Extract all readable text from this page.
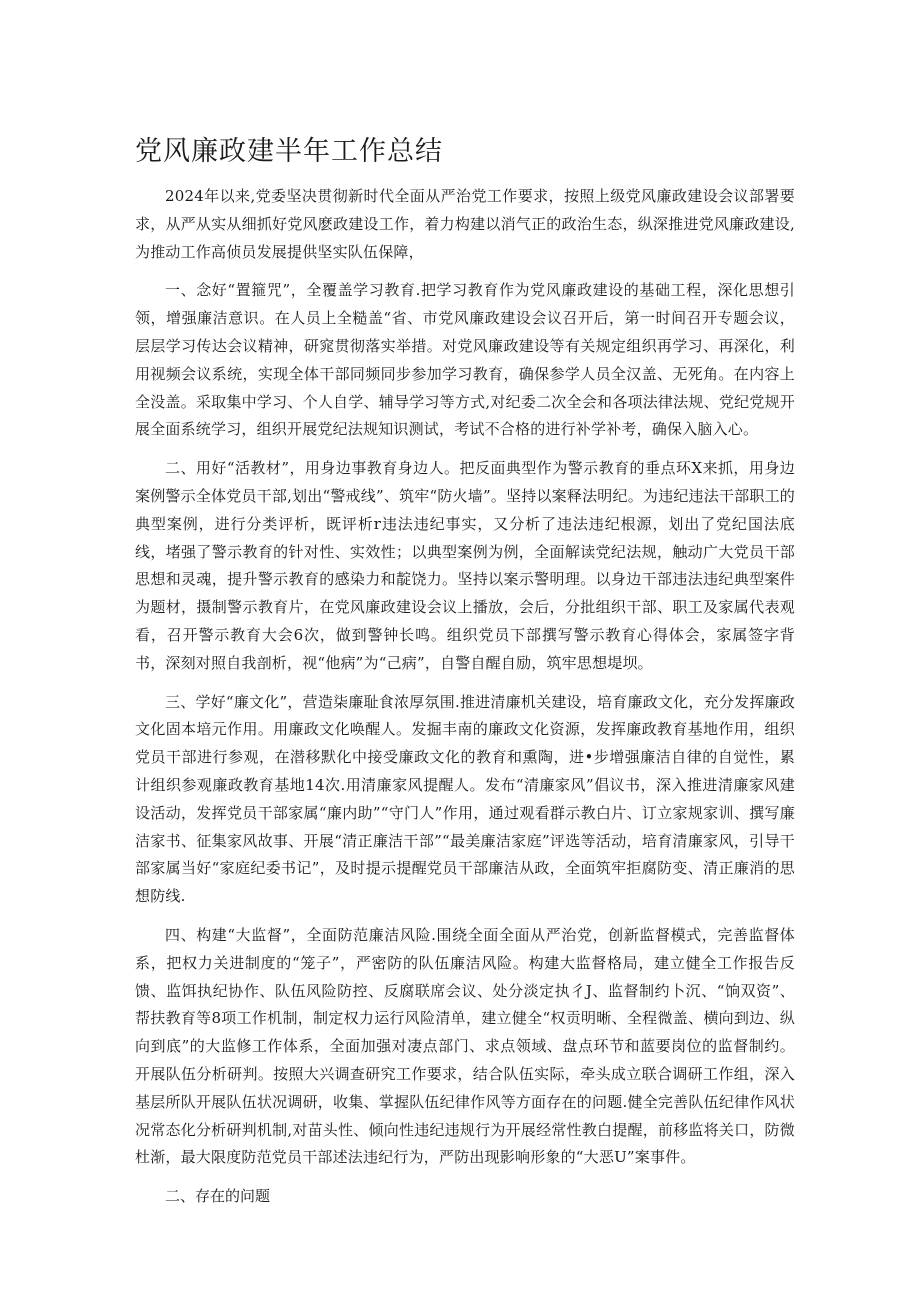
党风廉政建半年工作总结

2024年以来,党委坚决贯彻新时代全面从严治党工作要求，按照上级党风廉政建设会议部署要求，从严从实从细抓好党风麽政建设工作，着力构建以消气正的政治生态，纵深推进党风廉政建设,为推动工作高侦员发展提供坚实队伍保障，

一、念好“置箍咒”，全覆盖学习教育.把学习教育作为党风廉政建设的基础工程，深化思想引领，增强廉洁意识。在人员上全糙盖“省、市党风廉政建设会议召开后，第一时间召开专题会议，层层学习传达会议精神，研窕贯彻落实举措。对党风廉政建设等有关规定组织再学习、再深化，利用视频会议系统，实现全体干部同频同步参加学习教育，确保参学人员全汉盖、无死角。在内容上全没盖。采取集中学习、个人自学、辅导学习等方式,对纪委二次全会和各项法律法规、党纪党规开展全面系统学习，组织开展党纪法规知识测试，考试不合格的进行补学补考，确保入脑入心。

二、用好“活教材”，用身边事教育身边人。把反面典型作为警示教育的垂点环X来抓，用身边案例警示全体党员干部,划出“警戒线”、筑牢“防火墙”。坚持以案释法明纪。为违纪违法干部职工的典型案例，进行分类评析，既评析r违法违纪事实，又分析了违法违纪根源，划出了党纪国法底线，堵强了警示教育的针对性、实效性；以典型案例为例，全面解读党纪法规，触动广大党员干部思想和灵魂，提升警示教育的感染力和靛饶力。坚持以案示警明理。以身边干部违法违纪典型案件为题材，摄制警示教育片，在党风廉政建设会议上播放，会后，分批组织干部、职工及家属代表观看，召开警示教育大会6次，做到警钟长鸣。组织党员下部撰写警示教育心得体会，家属签字背书，深刻对照自我剖析，视“他病”为“己病”，自警自醒自励，筑牢思想堤坝。

三、学好“廉文化”，营造柒廉耻食浓厚氛围.推进清廉机关建设，培育廉政文化，充分发挥廉政文化固本培元作用。用廉政文化唤醒人。发掘丰南的廉政文化资源，发挥廉政教育基地作用，组织党员干部进行参观，在潜移默化中接受廉政文化的教育和熏陶，进•步增强廉洁自律的自觉性，累计组织参观廉政教育基地14次.用清廉家风提醒人。发布“清廉家风”倡议书，深入推进清廉家风建设活动，发挥党员干部家属“廉内助”“守门人”作用，通过观看群示教白片、订立家规家训、撰写廉洁家书、征集家风故事、开展“清正廉洁干部”“最美廉洁家庭”评选等活动，培育清廉家风，引导干部家属当好“家庭纪委书记”，及时提示提醒党员干部廉洁从政，全面筑牢拒腐防变、清正廉消的思想防线.

四、构建“大监督”，全面防范廉洁风险.围绕全面全面从严治党，创新监督模式，完善监督体系，把权力关进制度的“笼子”，严密防的队伍廉洁风险。构建大监督格局，建立健全工作报告反馈、监饵执纪协作、队伍风险防控、反腐联席会议、处分淡定执彳J、监督制约卜沉、“饷双资”、帮扶教育等8项工作机制，制定权力运行风险清单，建立健全“权贡明晰、全程微盖、横向到边、纵向到底”的大监修工作体系，全面加强对凄点部门、求点领域、盘点环节和蓝要岗位的监督制约。开展队伍分析研判。按照大兴调查研究工作要求，结合队伍实际，牵头成立联合调研工作组，深入基层所队开展队伍状况调研，收集、掌握队伍纪律作风等方面存在的问题.健全完善队伍纪律作风状况常态化分析研判机制,对苗头性、倾向性违纪违规行为开展经常性教白提醒，前移监将关口，防微杜渐，最大限度防范党员干部述法违纪行为，严防出现影响形象的“大恶U”案事件。

二、存在的问题
